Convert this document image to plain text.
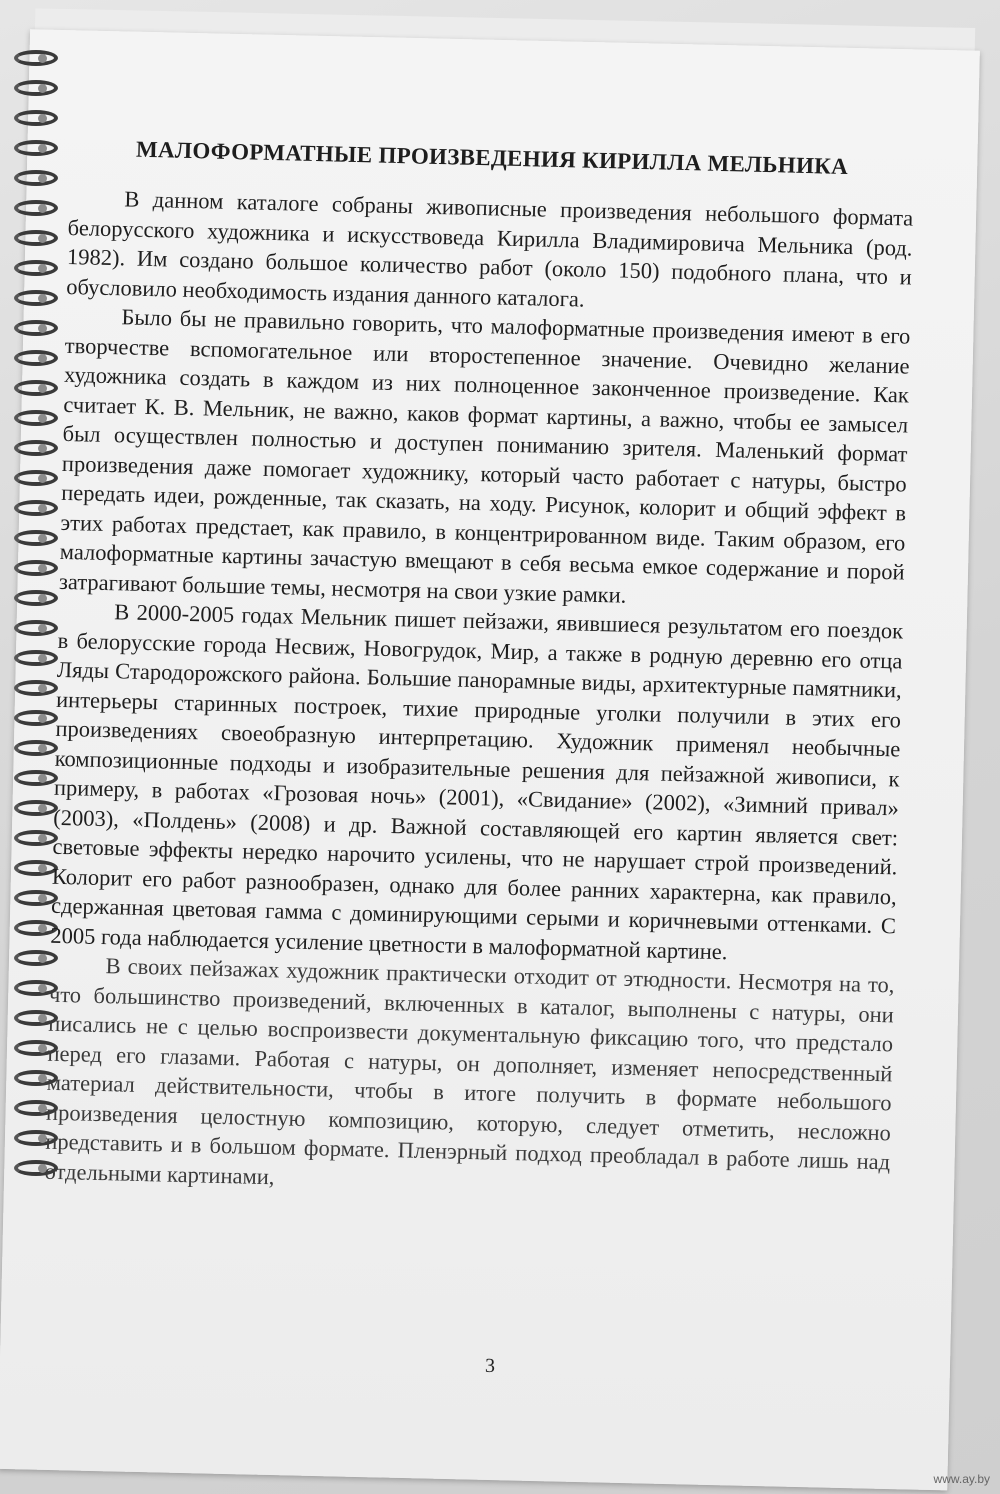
МАЛОФОРМАТНЫЕ ПРОИЗВЕДЕНИЯ КИРИЛЛА МЕЛЬНИКА

В данном каталоге собраны живописные произведения небольшого формата белорусского художника и искусствоведа Кирилла Владимировича Мельника (род. 1982). Им создано большое количество работ (около 150) подобного плана, что и обусловило необходимость издания данного каталога.

Было бы не правильно говорить, что малоформатные произведения имеют в его творчестве вспомогательное или второстепенное значение. Очевидно желание художника создать в каждом из них полноценное законченное произведение. Как считает К. В. Мельник, не важно, каков формат картины, а важно, чтобы ее замысел был осуществлен полностью и доступен пониманию зрителя. Маленький формат произведения даже помогает художнику, который часто работает с натуры, быстро передать идеи, рожденные, так сказать, на ходу. Рисунок, колорит и общий эффект в этих работах предстает, как правило, в концентрированном виде. Таким образом, его малоформатные картины зачастую вмещают в себя весьма емкое содержание и порой затрагивают большие темы, несмотря на свои узкие рамки.

В 2000-2005 годах Мельник пишет пейзажи, явившиеся результатом его поездок в белорусские города Несвиж, Новогрудок, Мир, а также в родную деревню его отца Ляды Стародорожского района. Большие панорамные виды, архитектурные памятники, интерьеры старинных построек, тихие природные уголки получили в этих его произведениях своеобразную интерпретацию. Художник применял необычные композиционные подходы и изобразительные решения для пейзажной живописи, к примеру, в работах «Грозовая ночь» (2001), «Свидание» (2002), «Зимний привал» (2003), «Полдень» (2008) и др. Важной составляющей его картин является свет: световые эффекты нередко нарочито усилены, что не нарушает строй произведений. Колорит его работ разнообразен, однако для более ранних характерна, как правило, сдержанная цветовая гамма с доминирующими серыми и коричневыми оттенками. С 2005 года наблюдается усиление цветности в малоформатной картине.

В своих пейзажах художник практически отходит от этюдности. Несмотря на то, что большинство произведений, включенных в каталог, выполнены с натуры, они писались не с целью воспроизвести документальную фиксацию того, что предстало перед его глазами. Работая с натуры, он дополняет, изменяет непосредственный материал действительности, чтобы в итоге получить в формате небольшого произведения целостную композицию, которую, следует отметить, несложно представить и в большом формате. Пленэрный подход преобладал в работе лишь над отдельными картинами,

3
www.ay.by
